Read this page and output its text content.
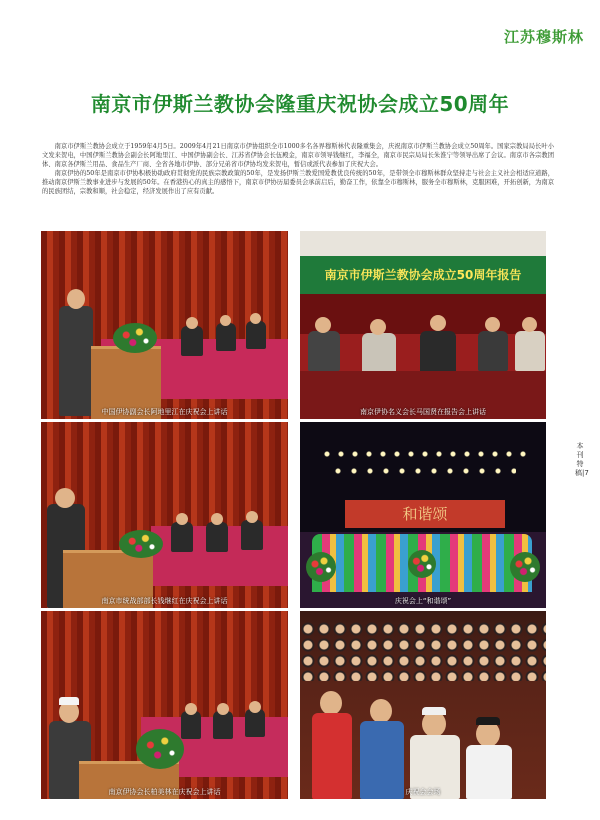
江苏穆斯林
南京市伊斯兰教协会隆重庆祝协会成立50周年

南京市伊斯兰教协会成立于1959年4月5日。2009年4月21日南京市伊协组织全市1000多名各界穆斯林代表隆重集会，庆祝南京市伊斯兰教协会成立50周年。国家宗教局局长叶小文发来贺电，中国伊斯兰教协会副会长阿地里江、中国伊协副会长、江苏省伊协会长伍殿金，南京市领导钱继红，李福全，南京市民宗局局长朱淮宁等领导出席了会议。南京市各宗教团体、南京各伊斯兰用品、食品生产厂商、全省各地市伊协、部分兄弟省市伊协均发来贺电，暂信或派代表参加了庆祝大会。

南京伊协的50年是南京市伊协积极协助政府贯彻党的民族宗教政策的50年，是发扬伊斯兰教爱国爱教优良传统的50年，是带领全市穆斯林群众坚持走与社会主义社会相适应道路，推动南京伊斯兰教事业进步与发展的50年。在香港热心的真主的感悟下，南京市伊协历届委员会承前启后，勤奋工作，依靠全市穆斯林，服务全市穆斯林，克服困难，开拓创新，为南京的民族团结，宗教和顺，社会稳定，经济发展作出了应有贡献。

中国伊协副会长阿地里江在庆祝会上讲话
南京市伊斯兰教协会成立50周年报告
南京伊协名义会长马国贤在报告会上讲话
南京市统战部部长钱继红在庆祝会上讲话
和谐颂
庆祝会上“和谐颂”
南京伊协会长柏美林在庆祝会上讲话	庆祝会会场
本刊特稿|7
